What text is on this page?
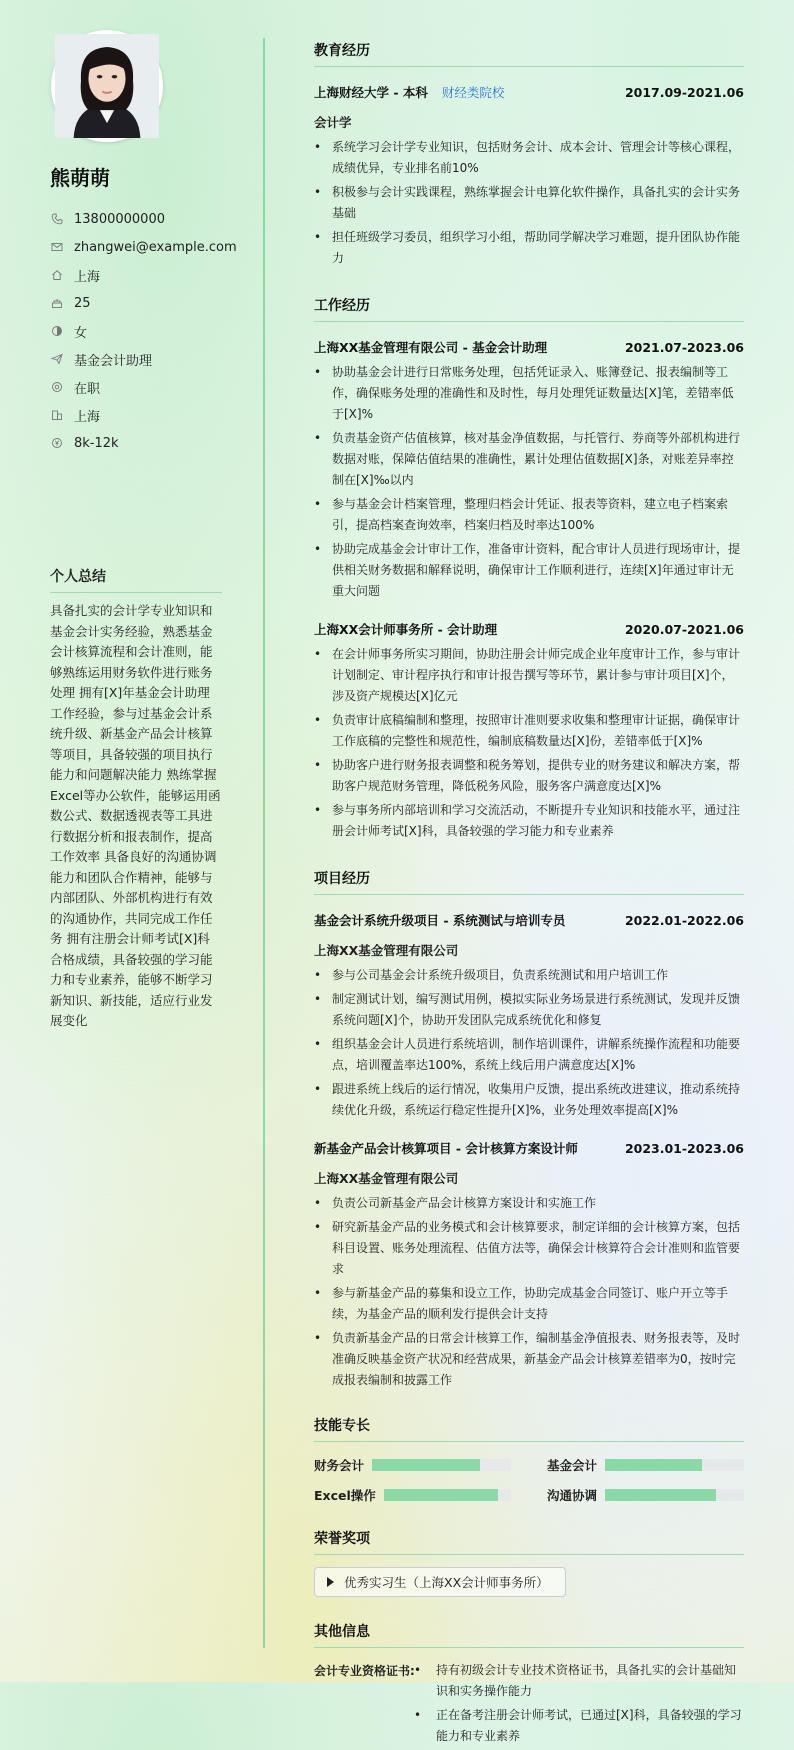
熊萌萌
13800000000
zhangwei@example.com
上海
25
女
基金会计助理
在职
上海
8k-12k
个人总结
具备扎实的会计学专业知识和基金会计实务经验，熟悉基金会计核算流程和会计准则，能够熟练运用财务软件进行账务处理 拥有[X]年基金会计助理工作经验，参与过基金会计系统升级、新基金产品会计核算等项目，具备较强的项目执行能力和问题解决能力 熟练掌握Excel等办公软件，能够运用函数公式、数据透视表等工具进行数据分析和报表制作，提高工作效率 具备良好的沟通协调能力和团队合作精神，能够与内部团队、外部机构进行有效的沟通协作，共同完成工作任务 拥有注册会计师考试[X]科合格成绩，具备较强的学习能力和专业素养，能够不断学习新知识、新技能，适应行业发展变化
教育经历
上海财经大学 - 本科 财经类院校	2017.09-2021.06
会计学
• 系统学习会计学专业知识，包括财务会计、成本会计、管理会计等核心课程，成绩优异，专业排名前10%
• 积极参与会计实践课程，熟练掌握会计电算化软件操作，具备扎实的会计实务基础
• 担任班级学习委员，组织学习小组，帮助同学解决学习难题，提升团队协作能力
工作经历
上海XX基金管理有限公司 - 基金会计助理	2021.07-2023.06
• 协助基金会计进行日常账务处理，包括凭证录入、账簿登记、报表编制等工作，确保账务处理的准确性和及时性，每月处理凭证数量达[X]笔，差错率低于[X]%
• 负责基金资产估值核算，核对基金净值数据，与托管行、券商等外部机构进行数据对账，保障估值结果的准确性，累计处理估值数据[X]条，对账差异率控制在[X]‰以内
• 参与基金会计档案管理，整理归档会计凭证、报表等资料，建立电子档案索引，提高档案查询效率，档案归档及时率达100%
• 协助完成基金会计审计工作，准备审计资料，配合审计人员进行现场审计，提供相关财务数据和解释说明，确保审计工作顺利进行，连续[X]年通过审计无重大问题
上海XX会计师事务所 - 会计助理	2020.07-2021.06
• 在会计师事务所实习期间，协助注册会计师完成企业年度审计工作，参与审计计划制定、审计程序执行和审计报告撰写等环节，累计参与审计项目[X]个，涉及资产规模达[X]亿元
• 负责审计底稿编制和整理，按照审计准则要求收集和整理审计证据，确保审计工作底稿的完整性和规范性，编制底稿数量达[X]份，差错率低于[X]%
• 协助客户进行财务报表调整和税务筹划，提供专业的财务建议和解决方案，帮助客户规范财务管理，降低税务风险，服务客户满意度达[X]%
• 参与事务所内部培训和学习交流活动，不断提升专业知识和技能水平，通过注册会计师考试[X]科，具备较强的学习能力和专业素养
项目经历
基金会计系统升级项目 - 系统测试与培训专员	2022.01-2022.06
上海XX基金管理有限公司
• 参与公司基金会计系统升级项目，负责系统测试和用户培训工作
• 制定测试计划，编写测试用例，模拟实际业务场景进行系统测试，发现并反馈系统问题[X]个，协助开发团队完成系统优化和修复
• 组织基金会计人员进行系统培训，制作培训课件，讲解系统操作流程和功能要点，培训覆盖率达100%，系统上线后用户满意度达[X]%
• 跟进系统上线后的运行情况，收集用户反馈，提出系统改进建议，推动系统持续优化升级，系统运行稳定性提升[X]%，业务处理效率提高[X]%
新基金产品会计核算项目 - 会计核算方案设计师	2023.01-2023.06
上海XX基金管理有限公司
• 负责公司新基金产品会计核算方案设计和实施工作
• 研究新基金产品的业务模式和会计核算要求，制定详细的会计核算方案，包括科目设置、账务处理流程、估值方法等，确保会计核算符合会计准则和监管要求
• 参与新基金产品的募集和设立工作，协助完成基金合同签订、账户开立等手续，为基金产品的顺利发行提供会计支持
• 负责新基金产品的日常会计核算工作，编制基金净值报表、财务报表等，及时准确反映基金资产状况和经营成果，新基金产品会计核算差错率为0，按时完成报表编制和披露工作
技能专长
财务会计	基金会计
Excel操作	沟通协调
荣誉奖项
优秀实习生（上海XX会计师事务所）
其他信息
会计专业资格证书:
•	持有初级会计专业技术资格证书，具备扎实的会计基础知识和实务操作能力
• 正在备考注册会计师考试，已通过[X]科，具备较强的学习能力和专业素养
